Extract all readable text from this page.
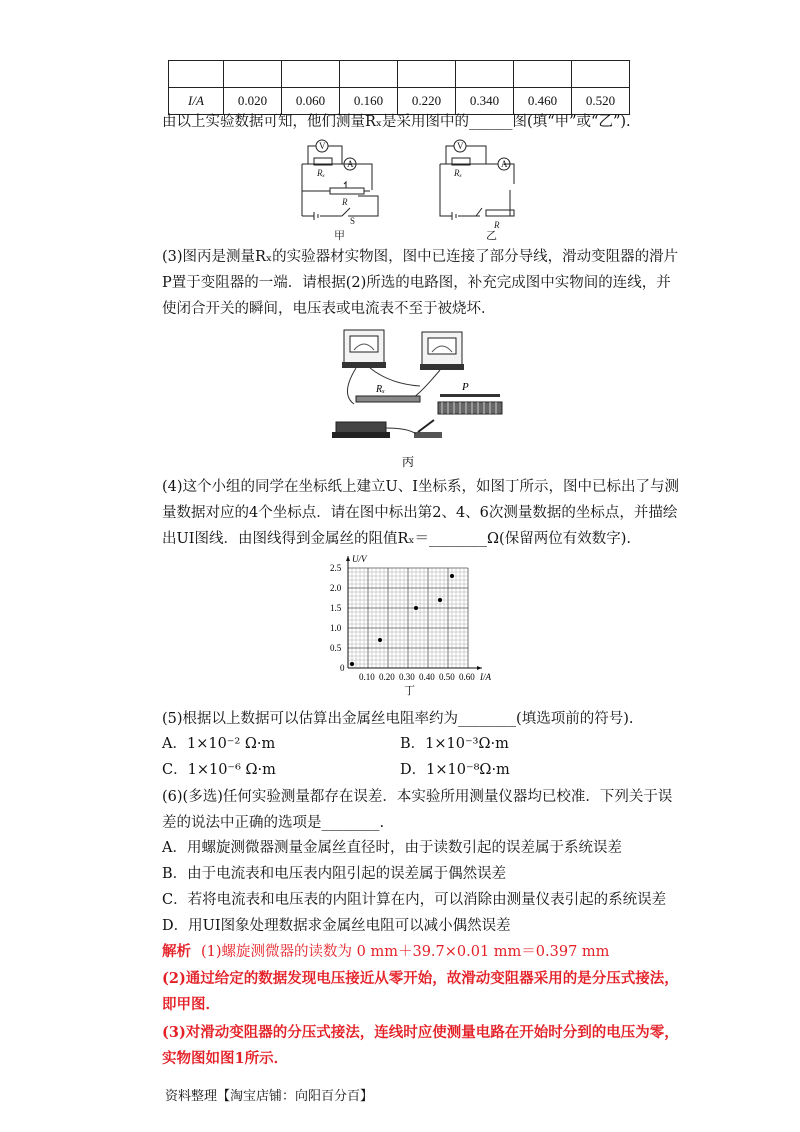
I/A	0.020	0.060	0.160	0.220	0.340	0.460	0.520
由以上实验数据可知，他们测量Rₓ是采用图中的______图(填“甲”或“乙”).
V
A
Rₓ
R
S
甲
V
A
Rₓ
R
乙
(3)图丙是测量Rₓ的实验器材实物图，图中已连接了部分导线，滑动变阻器的滑片P置于变阻器的一端．请根据(2)所选的电路图，补充完成图中实物间的连线，并使闭合开关的瞬间，电压表或电流表不至于被烧坏．
Rₓ	P
丙
(4)这个小组的同学在坐标纸上建立U、I坐标系，如图丁所示，图中已标出了与测量数据对应的4个坐标点．请在图中标出第2、4、6次测量数据的坐标点，并描绘出UI图线．由图线得到金属丝的阻值Rₓ＝________Ω(保留两位有效数字).
0.10 0.20 0.30 0.40 0.50 0.60
0.5
1.0
1.5
2.0
2.5
0
I/A
U/V
丁
(5)根据以上数据可以估算出金属丝电阻率约为________(填选项前的符号).
A．1×10⁻² Ω·m	B．1×10⁻³Ω·m
C．1×10⁻⁶ Ω·m	D．1×10⁻⁸Ω·m
(6)(多选)任何实验测量都存在误差．本实验所用测量仪器均已校准．下列关于误差的说法中正确的选项是________.
A．用螺旋测微器测量金属丝直径时，由于读数引起的误差属于系统误差
B．由于电流表和电压表内阻引起的误差属于偶然误差
C．若将电流表和电压表的内阻计算在内，可以消除由测量仪表引起的系统误差
D．用UI图象处理数据求金属丝电阻可以减小偶然误差
解析 (1)螺旋测微器的读数为 0 mm＋39.7×0.01 mm＝0.397 mm
(2)通过给定的数据发现电压接近从零开始，故滑动变阻器采用的是分压式接法，即甲图．
(3)对滑动变阻器的分压式接法，连线时应使测量电路在开始时分到的电压为零，实物图如图1所示．
资料整理【淘宝店铺：向阳百分百】
